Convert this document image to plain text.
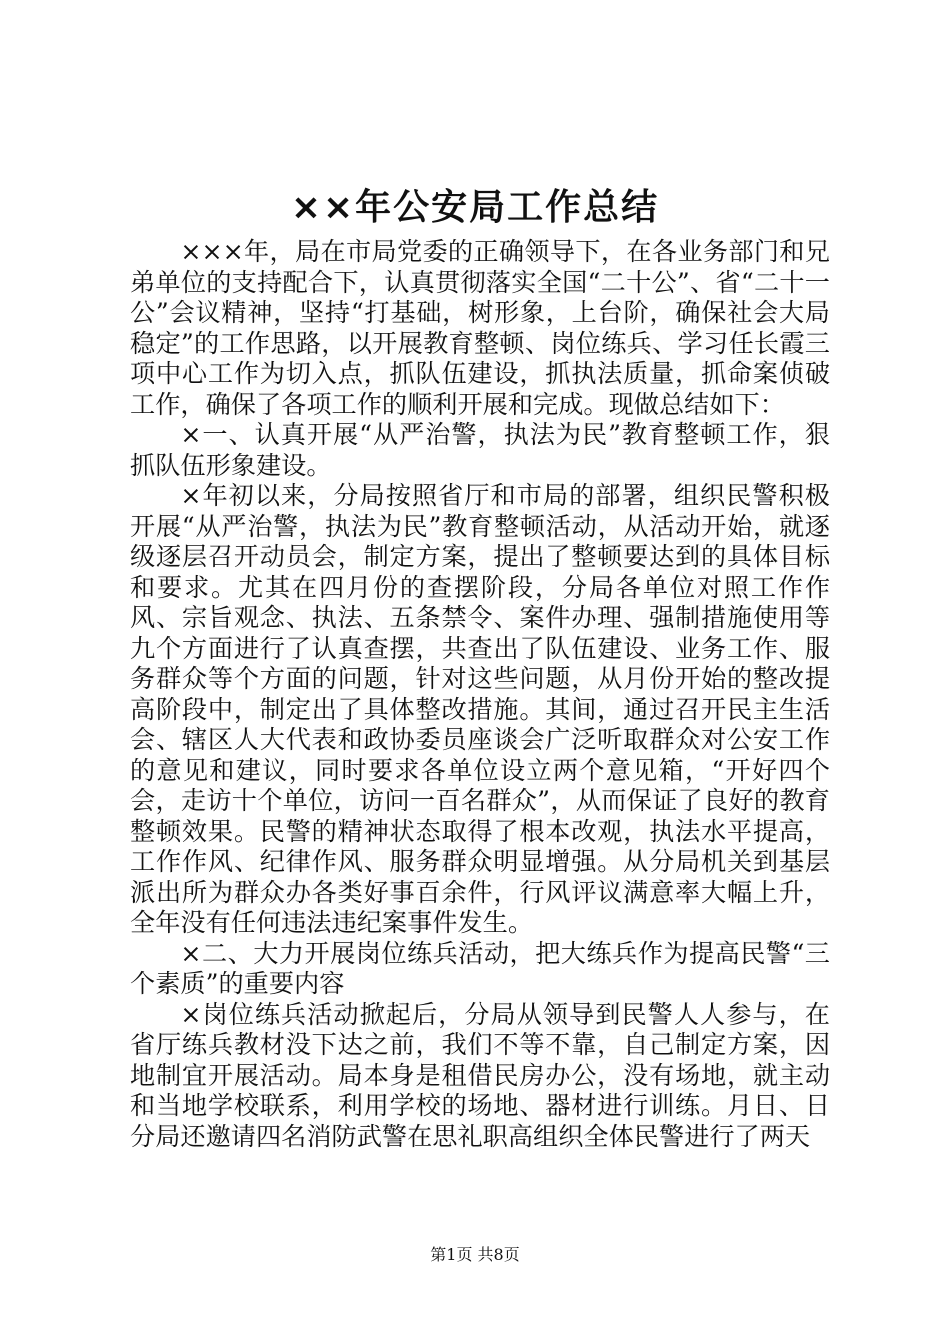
××年公安局工作总结

×××年，局在市局党委的正确领导下，在各业务部门和兄弟单位的支持配合下，认真贯彻落实全国“二十公”、省“二十一公”会议精神，坚持“打基础，树形象，上台阶，确保社会大局稳定”的工作思路，以开展教育整顿、岗位练兵、学习任长霞三项中心工作为切入点，抓队伍建设，抓执法质量，抓命案侦破工作，确保了各项工作的顺利开展和完成。现做总结如下：

×一、认真开展“从严治警，执法为民”教育整顿工作，狠抓队伍形象建设。

×年初以来，分局按照省厅和市局的部署，组织民警积极开展“从严治警，执法为民”教育整顿活动，从活动开始，就逐级逐层召开动员会，制定方案，提出了整顿要达到的具体目标和要求。尤其在四月份的查摆阶段，分局各单位对照工作作风、宗旨观念、执法、五条禁令、案件办理、强制措施使用等九个方面进行了认真查摆，共查出了队伍建设、业务工作、服务群众等个方面的问题，针对这些问题，从月份开始的整改提高阶段中，制定出了具体整改措施。其间，通过召开民主生活会、辖区人大代表和政协委员座谈会广泛听取群众对公安工作的意见和建议，同时要求各单位设立两个意见箱，“开好四个会，走访十个单位，访问一百名群众”，从而保证了良好的教育整顿效果。民警的精神状态取得了根本改观，执法水平提高，工作作风、纪律作风、服务群众明显增强。从分局机关到基层派出所为群众办各类好事百余件，行风评议满意率大幅上升，全年没有任何违法违纪案事件发生。

×二、大力开展岗位练兵活动，把大练兵作为提高民警“三个素质”的重要内容

×岗位练兵活动掀起后，分局从领导到民警人人参与，在省厅练兵教材没下达之前，我们不等不靠，自己制定方案，因地制宜开展活动。局本身是租借民房办公，没有场地，就主动和当地学校联系，利用学校的场地、器材进行训练。月日、日分局还邀请四名消防武警在思礼职高组织全体民警进行了两天

第1页 共8页
